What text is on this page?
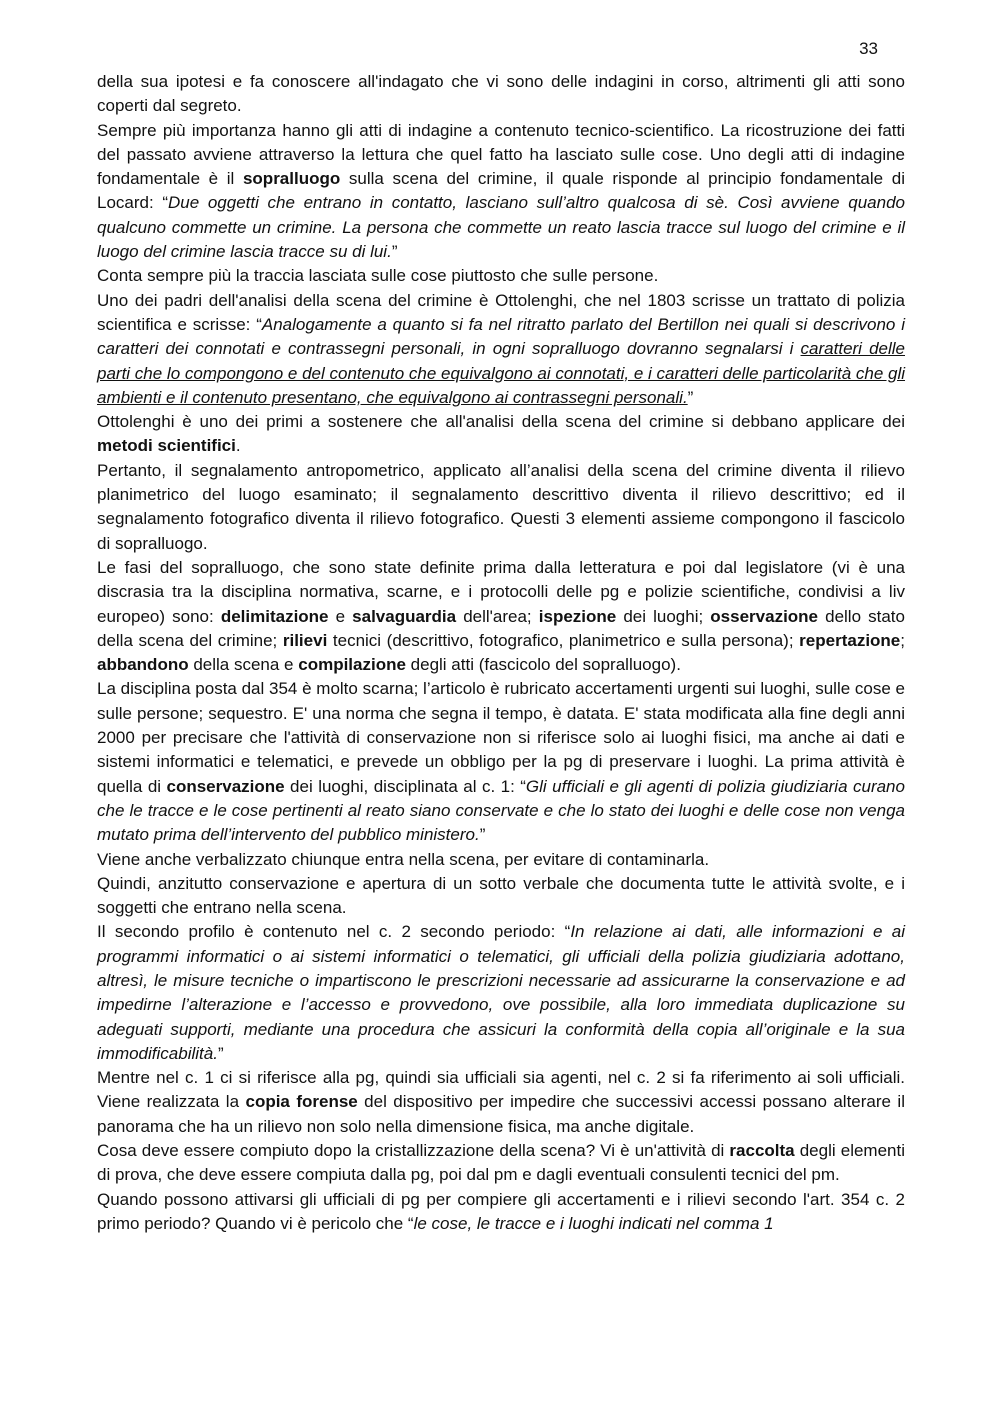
33

della sua ipotesi e fa conoscere all'indagato che vi sono delle indagini in corso, altrimenti gli atti sono coperti dal segreto.

Sempre più importanza hanno gli atti di indagine a contenuto tecnico-scientifico. La ricostruzione dei fatti del passato avviene attraverso la lettura che quel fatto ha lasciato sulle cose. Uno degli atti di indagine fondamentale è il sopralluogo sulla scena del crimine, il quale risponde al principio fondamentale di Locard: “Due oggetti che entrano in contatto, lasciano sull’altro qualcosa di sè. Così avviene quando qualcuno commette un crimine. La persona che commette un reato lascia tracce sul luogo del crimine e il luogo del crimine lascia tracce su di lui.”

Conta sempre più la traccia lasciata sulle cose piuttosto che sulle persone.

Uno dei padri dell'analisi della scena del crimine è Ottolenghi, che nel 1803 scrisse un trattato di polizia scientifica e scrisse: “Analogamente a quanto si fa nel ritratto parlato del Bertillon nei quali si descrivono i caratteri dei connotati e contrassegni personali, in ogni sopralluogo dovranno segnalarsi i caratteri delle parti che lo compongono e del contenuto che equivalgono ai connotati, e i caratteri delle particolarità che gli ambienti e il contenuto presentano, che equivalgono ai contrassegni personali.”

Ottolenghi è uno dei primi a sostenere che all'analisi della scena del crimine si debbano applicare dei metodi scientifici.

Pertanto, il segnalamento antropometrico, applicato all’analisi della scena del crimine diventa il rilievo planimetrico del luogo esaminato; il segnalamento descrittivo diventa il rilievo descrittivo; ed il segnalamento fotografico diventa il rilievo fotografico. Questi 3 elementi assieme compongono il fascicolo di sopralluogo.

Le fasi del sopralluogo, che sono state definite prima dalla letteratura e poi dal legislatore (vi è una discrasia tra la disciplina normativa, scarne, e i protocolli delle pg e polizie scientifiche, condivisi a liv europeo) sono: delimitazione e salvaguardia dell'area; ispezione dei luoghi; osservazione dello stato della scena del crimine; rilievi tecnici (descrittivo, fotografico, planimetrico e sulla persona); repertazione; abbandono della scena e compilazione degli atti (fascicolo del sopralluogo).

La disciplina posta dal 354 è molto scarna; l’articolo è rubricato accertamenti urgenti sui luoghi, sulle cose e sulle persone; sequestro. E' una norma che segna il tempo, è datata. E' stata modificata alla fine degli anni 2000 per precisare che l'attività di conservazione non si riferisce solo ai luoghi fisici, ma anche ai dati e sistemi informatici e telematici, e prevede un obbligo per la pg di preservare i luoghi. La prima attività è quella di conservazione dei luoghi, disciplinata al c. 1: “Gli ufficiali e gli agenti di polizia giudiziaria curano che le tracce e le cose pertinenti al reato siano conservate e che lo stato dei luoghi e delle cose non venga mutato prima dell’intervento del pubblico ministero.”

Viene anche verbalizzato chiunque entra nella scena, per evitare di contaminarla.

Quindi, anzitutto conservazione e apertura di un sotto verbale che documenta tutte le attività svolte, e i soggetti che entrano nella scena.

Il secondo profilo è contenuto nel c. 2 secondo periodo: “In relazione ai dati, alle informazioni e ai programmi informatici o ai sistemi informatici o telematici, gli ufficiali della polizia giudiziaria adottano, altresì, le misure tecniche o impartiscono le prescrizioni necessarie ad assicurarne la conservazione e ad impedirne l’alterazione e l’accesso e provvedono, ove possibile, alla loro immediata duplicazione su adeguati supporti, mediante una procedura che assicuri la conformità della copia all’originale e la sua immodificabilità.”

Mentre nel c. 1 ci si riferisce alla pg, quindi sia ufficiali sia agenti, nel c. 2 si fa riferimento ai soli ufficiali. Viene realizzata la copia forense del dispositivo per impedire che successivi accessi possano alterare il panorama che ha un rilievo non solo nella dimensione fisica, ma anche digitale.

Cosa deve essere compiuto dopo la cristallizzazione della scena? Vi è un'attività di raccolta degli elementi di prova, che deve essere compiuta dalla pg, poi dal pm e dagli eventuali consulenti tecnici del pm.

Quando possono attivarsi gli ufficiali di pg per compiere gli accertamenti e i rilievi secondo l'art. 354 c. 2 primo periodo? Quando vi è pericolo che “le cose, le tracce e i luoghi indicati nel comma 1
